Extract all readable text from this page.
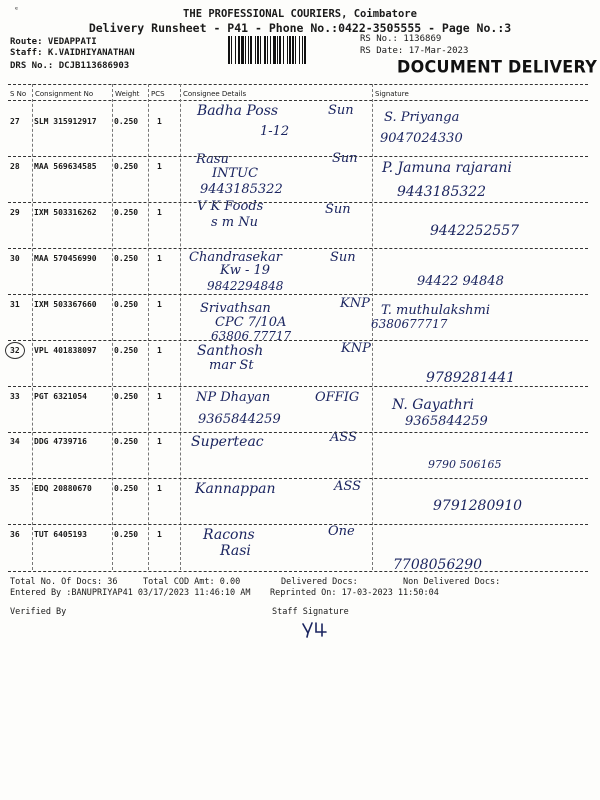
ᵉ	THE PROFESSIONAL COURIERS, Coimbatore
Delivery Runsheet - P41 - Phone No.:0422-3505555 - Page No.:3
Route: VEDAPPATI
Staff: K.VAIDHIYANATHAN
DRS No.: DCJB113686903
RS No.: 1136869
RS Date: 17-Mar-2023
DOCUMENT DELIVERY
S No Consignment No	Weight PCS	Consignee Details	Signature
27 SLM 315912917 0.250 1
Badha Poss	Sun
1-12
S. Priyanga
9047024330
28 MAA 569634585 0.250 1	Rasu	Sun
INTUC
9443185322
P. Jamuna rajarani
9443185322
29 IXM 503316262 0.250 1	V K Foods	Sun
s m Nu
9442252557
30 MAA 570456990 0.250 1 Chandrasekar	Sun
Kw - 19
9842294848	94422 94848
31 IXM 503367660 0.250 1	Srivathsan	KNP
CPC 7/10A
63806 77717
T. muthulakshmi
6380677717
32 VPL 401838097 0.250 1	Santhosh	KNP
mar St
9789281441
33 PGT 6321054	0.250 1	NP Dhayan	OFFIG
9365844259
N. Gayathri
9365844259
34 DDG 4739716	0.250 1 Superteac	ASS
9790 506165
35 EDQ 20880670	0.250 1 Kannappan	ASS
9791280910
36 TUT 6405193	0.250 1	Racons	One
Rasi
7708056290
Total No. Of Docs: 36	Total COD Amt: 0.00	Delivered Docs:	Non Delivered Docs:
Entered By :BANUPRIYAP41 03/17/2023 11:46:10 AM Reprinted On: 17-03-2023 11:50:04
Verified By	Staff Signature
